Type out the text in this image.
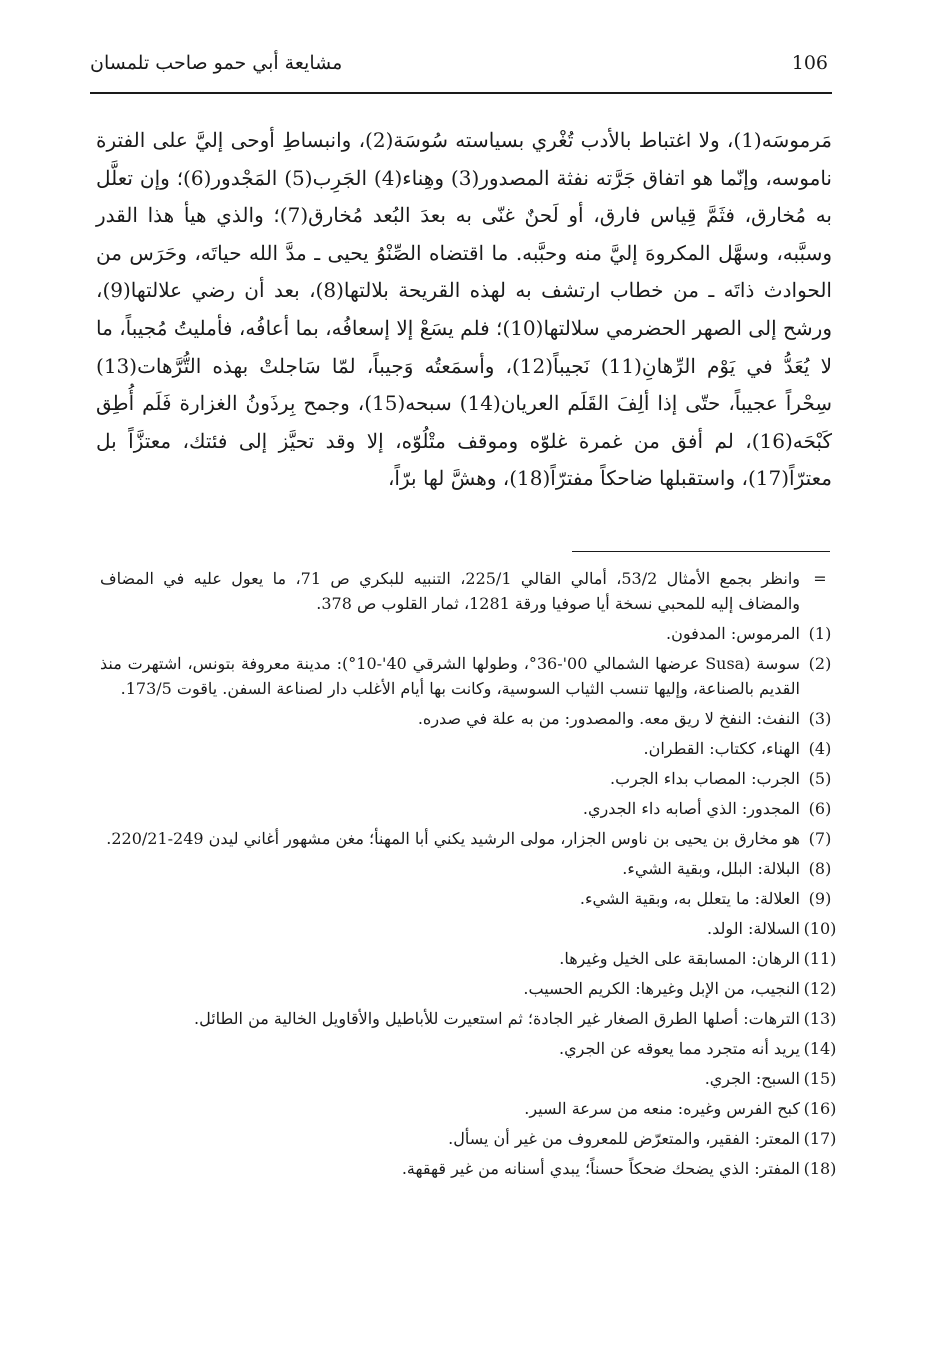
106
مشايعة أبي حمو صاحب تلمسان

مَرموسَه(1)، ولا اغتباط بالأدب تُغْري بسياسته سُوسَة(2)، وانبساطِ أوحى إليَّ على الفترة ناموسه، وإنّما هو اتفاق جَرَّته نفثة المصدور(3) وهِناء(4) الجَرِب(5) المَجْدور(6)؛ وإن تعلَّل به مُخارق، فثَمَّ قِياس فارق، أو لَحنٌ غنّى به بعدَ البُعد مُخارق(7)؛ والذي هيأ هذا القدر وسبَّبه، وسهَّل المكروهَ إليَّ منه وحبَّبه. ما اقتضاه الصِّنْوُ يحيى ـ مدَّ الله حياتَه، وحَرَس من الحوادث ذاتَه ـ من خطاب ارتشف به لهذه القريحة بلالتها(8)، بعد أن رضي علالتها(9)، ورشح إلى الصهر الحضرمي سلالتها(10)؛ فلم يسَعْ إلا إسعافُه، بما أعافُه، فأمليتُ مُجيباً، ما لا يُعَدُّ في يَوْم الرِّهانِ(11) نَجيباً(12)، وأسمَعتُه وَجيباً، لمّا سَاجلتْ بهذه التُّرَّهات(13) سِحْراً عجيباً، حتّى إذا ألِفَ القَلَم العريان(14) سبحه(15)، وجمح بِرذَونُ الغزارة فَلَم أُطِق كَبْحَه(16)، لم أفق من غمرة غلوّه وموقف متْلُوّه، إلا وقد تحيَّز إلى فئتك، معتزَّاً بل معترّاً(17)، واستقبلها ضاحكاً مفترّاً(18)، وهشَّ لها برّاً،

=
وانظر بجمع الأمثال 53/2، أمالي القالي 225/1، التنبيه للبكري ص 71، ما يعول عليه في المضاف والمضاف إليه للمحبي نسخة أيا صوفيا ورقة 1281، ثمار القلوب ص 378.
(1)
المرموس: المدفون.
(2)
سوسة (Susa عرضها الشمالي 00'-36°، وطولها الشرقي 40'-10°): مدينة معروفة بتونس، اشتهرت منذ القديم بالصناعة، وإليها تنسب الثياب السوسية، وكانت بها أيام الأغلب دار لصناعة السفن. ياقوت 173/5.
(3)
النفث: النفخ لا ريق معه. والمصدور: من به علة في صدره.
(4)
الهناء، ككتاب: القطران.
(5)
الجرب: المصاب بداء الجرب.
(6)
المجدور: الذي أصابه داء الجدري.
(7)
هو مخارق بن يحيى بن ناوس الجزار، مولى الرشيد يكني أبا المهنأ؛ مغن مشهور أغاني ليدن 249-220/21.
(8)
البلالة: البلل، وبقية الشيء.
(9)
العلالة: ما يتعلل به، وبقية الشيء.
(10)
السلالة: الولد.
(11)
الرهان: المسابقة على الخيل وغيرها.
(12)
النجيب، من الإبل وغيرها: الكريم الحسيب.
(13)
الترهات: أصلها الطرق الصغار غير الجادة؛ ثم استعيرت للأباطيل والأقاويل الخالية من الطائل.
(14)
يريد أنه متجرد مما يعوقه عن الجري.
(15)
السبح: الجري.
(16)
كبح الفرس وغيره: منعه من سرعة السير.
(17)
المعتر: الفقير، والمتعرّض للمعروف من غير أن يسأل.
(18)
المفتر: الذي يضحك ضحكاً حسناً؛ يبدي أسنانه من غير قهقهة.
